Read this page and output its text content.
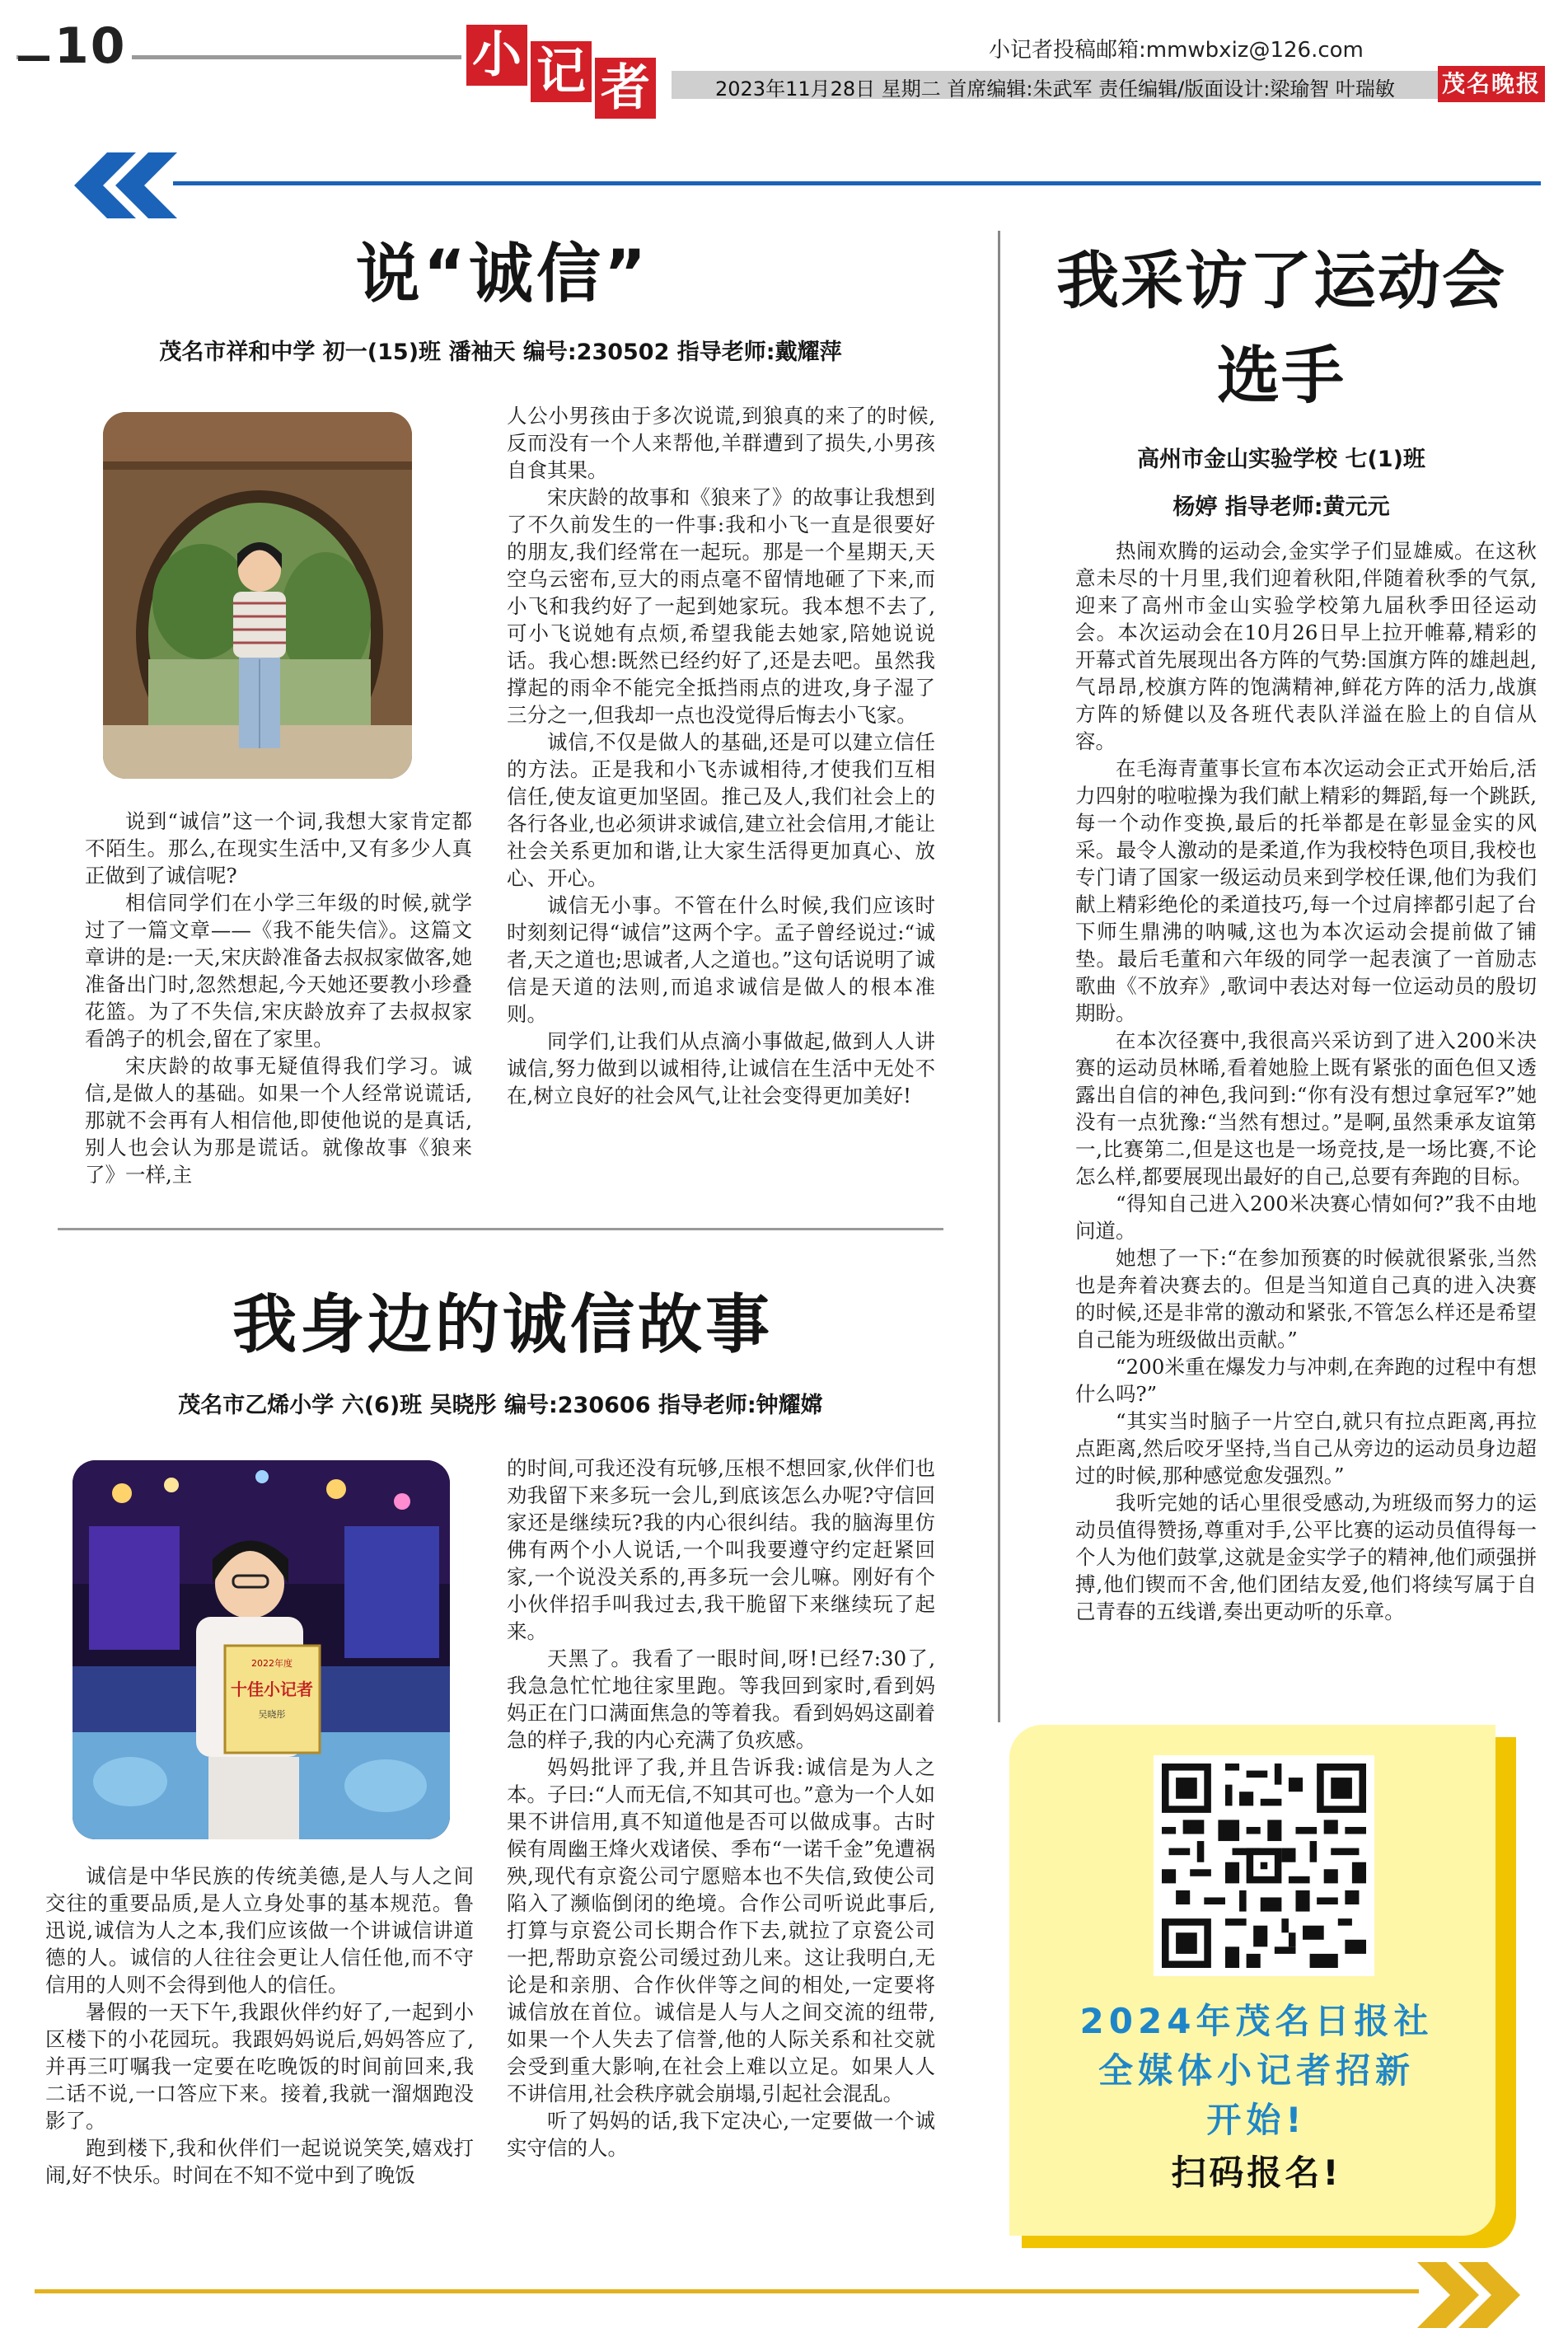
10	小 记 者
小记者投稿邮箱:mmwbxiz@126.com
2023年11月28日 星期二 首席编辑:朱武军 责任编辑/版面设计:梁瑜智 叶瑞敏 茂名晚报
说“诚信”
茂名市祥和中学 初一(15)班 潘袖天 编号:230502 指导老师:戴耀萍

说到“诚信”这一个词,我想大家肯定都不陌生。那么,在现实生活中,又有多少人真正做到了诚信呢?

相信同学们在小学三年级的时候,就学过了一篇文章——《我不能失信》。这篇文章讲的是:一天,宋庆龄准备去叔叔家做客,她准备出门时,忽然想起,今天她还要教小珍叠花篮。为了不失信,宋庆龄放弃了去叔叔家看鸽子的机会,留在了家里。

宋庆龄的故事无疑值得我们学习。诚信,是做人的基础。如果一个人经常说谎话,那就不会再有人相信他,即使他说的是真话,别人也会认为那是谎话。就像故事《狼来了》一样,主

人公小男孩由于多次说谎,到狼真的来了的时候,反而没有一个人来帮他,羊群遭到了损失,小男孩自食其果。

宋庆龄的故事和《狼来了》的故事让我想到了不久前发生的一件事:我和小飞一直是很要好的朋友,我们经常在一起玩。那是一个星期天,天空乌云密布,豆大的雨点毫不留情地砸了下来,而小飞和我约好了一起到她家玩。我本想不去了,可小飞说她有点烦,希望我能去她家,陪她说说话。我心想:既然已经约好了,还是去吧。虽然我撑起的雨伞不能完全抵挡雨点的进攻,身子湿了三分之一,但我却一点也没觉得后悔去小飞家。

诚信,不仅是做人的基础,还是可以建立信任的方法。正是我和小飞赤诚相待,才使我们互相信任,使友谊更加坚固。推己及人,我们社会上的各行各业,也必须讲求诚信,建立社会信用,才能让社会关系更加和谐,让大家生活得更加真心、放心、开心。

诚信无小事。不管在什么时候,我们应该时时刻刻记得“诚信”这两个字。孟子曾经说过:“诚者,天之道也;思诚者,人之道也。”这句话说明了诚信是天道的法则,而追求诚信是做人的根本准则。

同学们,让我们从点滴小事做起,做到人人讲诚信,努力做到以诚相待,让诚信在生活中无处不在,树立良好的社会风气,让社会变得更加美好!

我身边的诚信故事
茂名市乙烯小学 六(6)班 吴晓彤 编号:230606 指导老师:钟耀嫦
2022年度
十佳小记者
吴晓彤

诚信是中华民族的传统美德,是人与人之间交往的重要品质,是人立身处事的基本规范。鲁迅说,诚信为人之本,我们应该做一个讲诚信讲道德的人。诚信的人往往会更让人信任他,而不守信用的人则不会得到他人的信任。

暑假的一天下午,我跟伙伴约好了,一起到小区楼下的小花园玩。我跟妈妈说后,妈妈答应了,并再三叮嘱我一定要在吃晚饭的时间前回来,我二话不说,一口答应下来。接着,我就一溜烟跑没影了。

跑到楼下,我和伙伴们一起说说笑笑,嬉戏打闹,好不快乐。时间在不知不觉中到了晚饭

的时间,可我还没有玩够,压根不想回家,伙伴们也劝我留下来多玩一会儿,到底该怎么办呢?守信回家还是继续玩?我的内心很纠结。我的脑海里仿佛有两个小人说话,一个叫我要遵守约定赶紧回家,一个说没关系的,再多玩一会儿嘛。刚好有个小伙伴招手叫我过去,我干脆留下来继续玩了起来。

天黑了。我看了一眼时间,呀!已经7:30了,我急急忙忙地往家里跑。等我回到家时,看到妈妈正在门口满面焦急的等着我。看到妈妈这副着急的样子,我的内心充满了负疚感。

妈妈批评了我,并且告诉我:诚信是为人之本。子曰:“人而无信,不知其可也。”意为一个人如果不讲信用,真不知道他是否可以做成事。古时候有周幽王烽火戏诸侯、季布“一诺千金”免遭祸殃,现代有京瓷公司宁愿赔本也不失信,致使公司陷入了濒临倒闭的绝境。合作公司听说此事后,打算与京瓷公司长期合作下去,就拉了京瓷公司一把,帮助京瓷公司缓过劲儿来。这让我明白,无论是和亲朋、合作伙伴等之间的相处,一定要将诚信放在首位。诚信是人与人之间交流的纽带,如果一个人失去了信誉,他的人际关系和社交就会受到重大影响,在社会上难以立足。如果人人不讲信用,社会秩序就会崩塌,引起社会混乱。

听了妈妈的话,我下定决心,一定要做一个诚实守信的人。

我采访了运动会
选手
高州市金山实验学校 七(1)班
杨婷 指导老师:黄元元

热闹欢腾的运动会,金实学子们显雄威。在这秋意未尽的十月里,我们迎着秋阳,伴随着秋季的气氛,迎来了高州市金山实验学校第九届秋季田径运动会。本次运动会在10月26日早上拉开帷幕,精彩的开幕式首先展现出各方阵的气势:国旗方阵的雄赳赳,气昂昂,校旗方阵的饱满精神,鲜花方阵的活力,战旗方阵的矫健以及各班代表队洋溢在脸上的自信从容。

在毛海青董事长宣布本次运动会正式开始后,活力四射的啦啦操为我们献上精彩的舞蹈,每一个跳跃,每一个动作变换,最后的托举都是在彰显金实的风采。最令人激动的是柔道,作为我校特色项目,我校也专门请了国家一级运动员来到学校任课,他们为我们献上精彩绝伦的柔道技巧,每一个过肩摔都引起了台下师生鼎沸的呐喊,这也为本次运动会提前做了铺垫。最后毛董和六年级的同学一起表演了一首励志歌曲《不放弃》,歌词中表达对每一位运动员的殷切期盼。

在本次径赛中,我很高兴采访到了进入200米决赛的运动员林晞,看着她脸上既有紧张的面色但又透露出自信的神色,我问到:“你有没有想过拿冠军?”她没有一点犹豫:“当然有想过。”是啊,虽然秉承友谊第一,比赛第二,但是这也是一场竞技,是一场比赛,不论怎么样,都要展现出最好的自己,总要有奔跑的目标。

“得知自己进入200米决赛心情如何?”我不由地问道。

她想了一下:“在参加预赛的时候就很紧张,当然也是奔着决赛去的。但是当知道自己真的进入决赛的时候,还是非常的激动和紧张,不管怎么样还是希望自己能为班级做出贡献。”

“200米重在爆发力与冲刺,在奔跑的过程中有想什么吗?”

“其实当时脑子一片空白,就只有拉点距离,再拉点距离,然后咬牙坚持,当自己从旁边的运动员身边超过的时候,那种感觉愈发强烈。”

我听完她的话心里很受感动,为班级而努力的运动员值得赞扬,尊重对手,公平比赛的运动员值得每一个人为他们鼓掌,这就是金实学子的精神,他们顽强拼搏,他们锲而不舍,他们团结友爱,他们将续写属于自己青春的五线谱,奏出更动听的乐章。

2024年茂名日报社
全媒体小记者招新
开始!
扫码报名!
